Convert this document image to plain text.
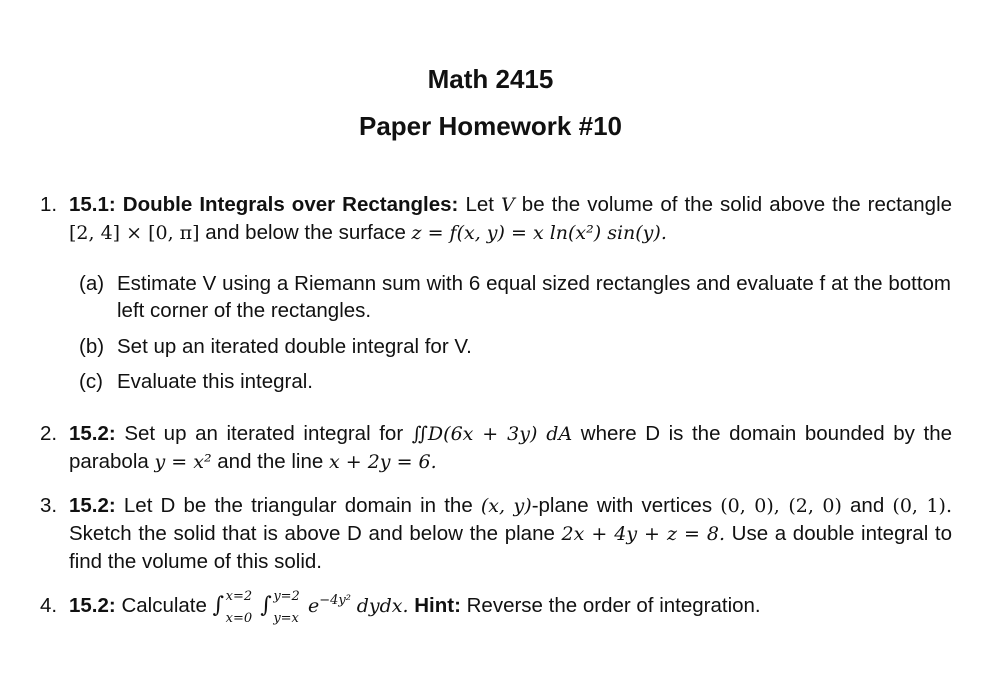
Math 2415
Paper Homework #10
1. 15.1: Double Integrals over Rectangles: Let V be the volume of the solid above the rectangle [2, 4] × [0, π] and below the surface z = f(x, y) = x ln(x²) sin(y).
(a) Estimate V using a Riemann sum with 6 equal sized rectangles and evaluate f at the bottom left corner of the rectangles.
(b) Set up an iterated double integral for V.
(c) Evaluate this integral.
2. 15.2: Set up an iterated integral for ∬D(6x + 3y) dA where D is the domain bounded by the parabola y = x² and the line x + 2y = 6.
3. 15.2: Let D be the triangular domain in the (x, y)-plane with vertices (0, 0), (2, 0) and (0, 1). Sketch the solid that is above D and below the plane 2x + 4y + z = 8. Use a double integral to find the volume of this solid.
4. 15.2: Calculate ∫ x=2
x=0
∫ y=2
y=x
$e^{-4y^2}$ dydx. Hint: Reverse the order of integration.
